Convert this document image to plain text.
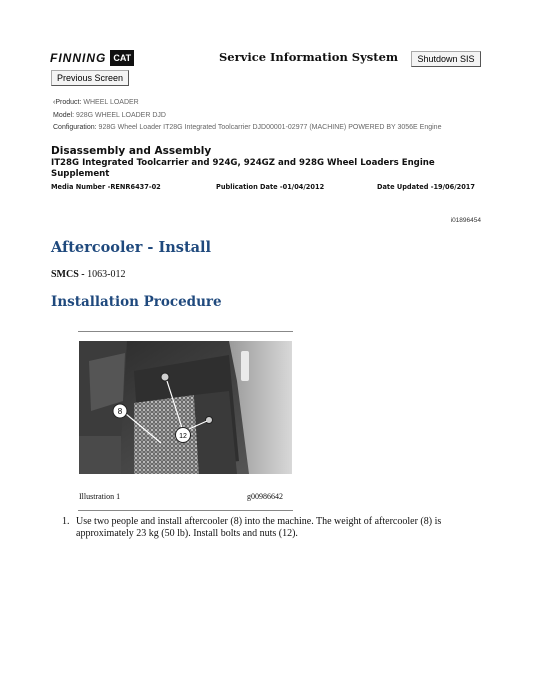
FINNING CAT	Service Information System	Shutdown SIS
Previous Screen
‹Product: WHEEL LOADER
Model: 928G WHEEL LOADER DJD
Configuration: 928G Wheel Loader IT28G Integrated Toolcarrier DJD00001-02977 (MACHINE) POWERED BY 3056E Engine
Disassembly and Assembly
IT28G Integrated Toolcarrier and 924G, 924GZ and 928G Wheel Loaders Engine Supplement
Media Number -RENR6437-02	Publication Date -01/04/2012	Date Updated -19/06/2017
i01896454
Aftercooler - Install
SMCS - 1063-012
Installation Procedure
8
12
Illustration 1	g00986642
1. Use two people and install aftercooler (8) into the machine. The weight of aftercooler (8) is approximately 23 kg (50 lb). Install bolts and nuts (12).
